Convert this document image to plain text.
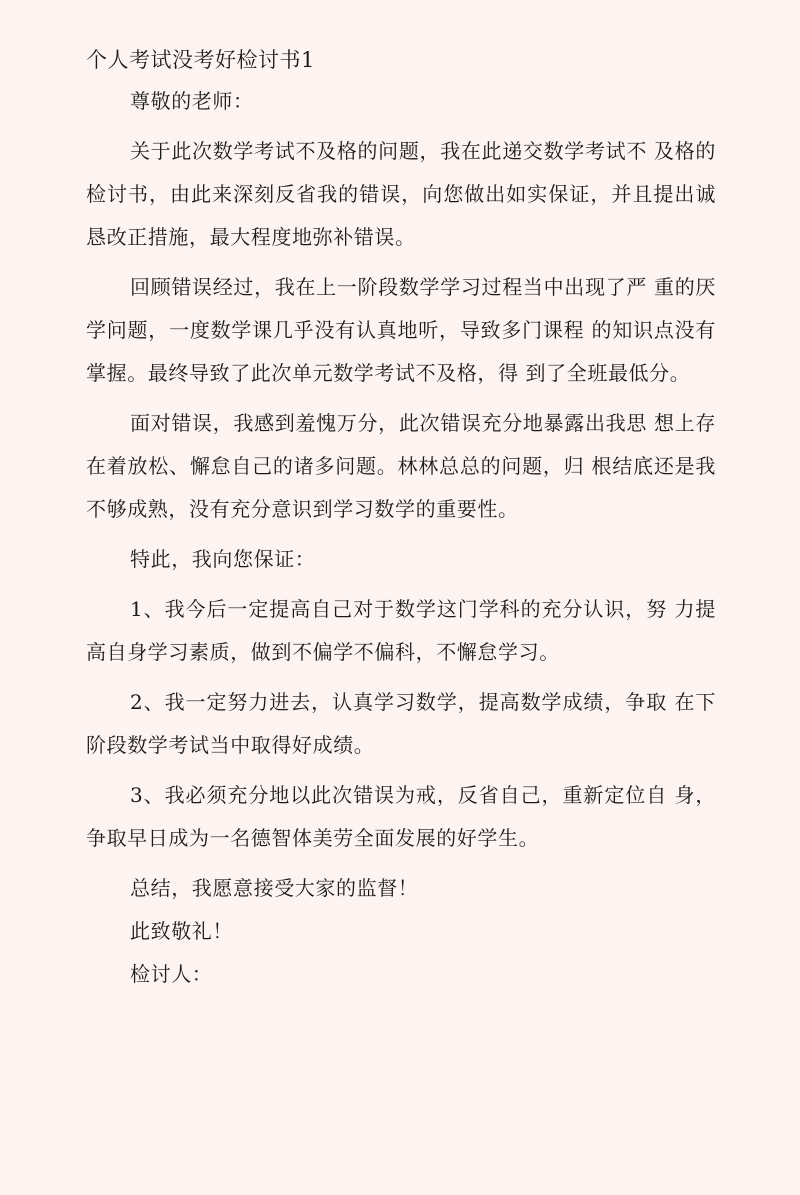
个人考试没考好检讨书1

尊敬的老师：

关于此次数学考试不及格的问题，我在此递交数学考试不 及格的检讨书，由此来深刻反省我的错误，向您做出如实保证，并且提出诚恳改正措施，最大程度地弥补错误。

回顾错误经过，我在上一阶段数学学习过程当中出现了严 重的厌学问题，一度数学课几乎没有认真地听，导致多门课程 的知识点没有掌握。最终导致了此次单元数学考试不及格，得 到了全班最低分。

面对错误，我感到羞愧万分，此次错误充分地暴露出我思 想上存在着放松、懈怠自己的诸多问题。林林总总的问题，归 根结底还是我不够成熟，没有充分意识到学习数学的重要性。

特此，我向您保证：

1、我今后一定提高自己对于数学这门学科的充分认识，努 力提高自身学习素质，做到不偏学不偏科，不懈怠学习。

2、我一定努力进去，认真学习数学，提高数学成绩，争取 在下阶段数学考试当中取得好成绩。

3、我必须充分地以此次错误为戒，反省自己，重新定位自 身，争取早日成为一名德智体美劳全面发展的好学生。

总结，我愿意接受大家的监督！

此致敬礼！

检讨人：
